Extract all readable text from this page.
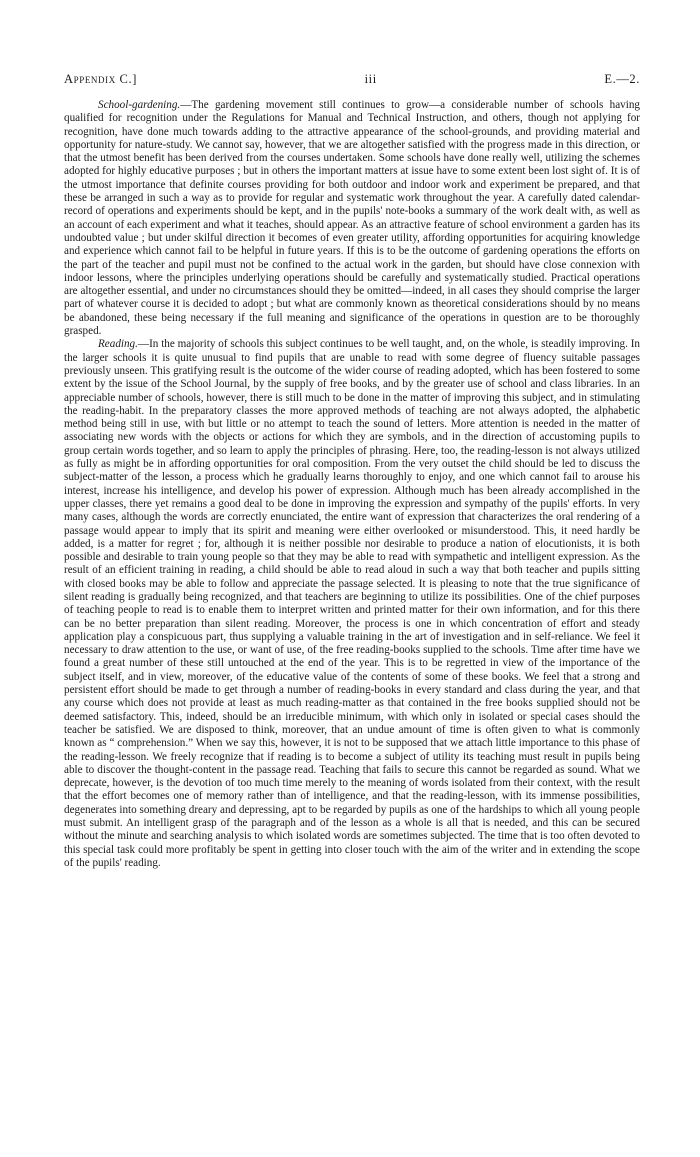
Appendix C.]	iii	E.—2.

School-gardening.—The gardening movement still continues to grow—a considerable number of schools having qualified for recognition under the Regulations for Manual and Technical Instruction, and others, though not applying for recognition, have done much towards adding to the attractive appearance of the school-grounds, and providing material and opportunity for nature-study. We cannot say, however, that we are altogether satisfied with the progress made in this direction, or that the utmost benefit has been derived from the courses undertaken. Some schools have done really well, utilizing the schemes adopted for highly educative purposes ; but in others the important matters at issue have to some extent been lost sight of. It is of the utmost importance that definite courses providing for both outdoor and indoor work and experiment be prepared, and that these be arranged in such a way as to provide for regular and systematic work throughout the year. A carefully dated calendar-record of operations and experiments should be kept, and in the pupils' note-books a summary of the work dealt with, as well as an account of each experiment and what it teaches, should appear. As an attractive feature of school environment a garden has its undoubted value ; but under skilful direction it becomes of even greater utility, affording opportunities for acquiring knowledge and experience which cannot fail to be helpful in future years. If this is to be the outcome of gardening operations the efforts on the part of the teacher and pupil must not be confined to the actual work in the garden, but should have close connexion with indoor lessons, where the principles underlying operations should be carefully and systematically studied. Practical operations are altogether essential, and under no circumstances should they be omitted—indeed, in all cases they should comprise the larger part of whatever course it is decided to adopt ; but what are commonly known as theoretical considerations should by no means be abandoned, these being necessary if the full meaning and significance of the operations in question are to be thoroughly grasped.

Reading.—In the majority of schools this subject continues to be well taught, and, on the whole, is steadily improving. In the larger schools it is quite unusual to find pupils that are unable to read with some degree of fluency suitable passages previously unseen. This gratifying result is the outcome of the wider course of reading adopted, which has been fostered to some extent by the issue of the School Journal, by the supply of free books, and by the greater use of school and class libraries. In an appreciable number of schools, however, there is still much to be done in the matter of improving this subject, and in stimulating the reading-habit. In the preparatory classes the more approved methods of teaching are not always adopted, the alphabetic method being still in use, with but little or no attempt to teach the sound of letters. More attention is needed in the matter of associating new words with the objects or actions for which they are symbols, and in the direction of accustoming pupils to group certain words together, and so learn to apply the principles of phrasing. Here, too, the reading-lesson is not always utilized as fully as might be in affording opportunities for oral composition. From the very outset the child should be led to discuss the subject-matter of the lesson, a process which he gradually learns thoroughly to enjoy, and one which cannot fail to arouse his interest, increase his intelligence, and develop his power of expression. Although much has been already accomplished in the upper classes, there yet remains a good deal to be done in improving the expression and sympathy of the pupils' efforts. In very many cases, although the words are correctly enunciated, the entire want of expression that characterizes the oral rendering of a passage would appear to imply that its spirit and meaning were either overlooked or misunderstood. This, it need hardly be added, is a matter for regret ; for, although it is neither possible nor desirable to produce a nation of elocutionists, it is both possible and desirable to train young people so that they may be able to read with sympathetic and intelligent expression. As the result of an efficient training in reading, a child should be able to read aloud in such a way that both teacher and pupils sitting with closed books may be able to follow and appreciate the passage selected. It is pleasing to note that the true significance of silent reading is gradually being recognized, and that teachers are beginning to utilize its possibilities. One of the chief purposes of teaching people to read is to enable them to interpret written and printed matter for their own information, and for this there can be no better preparation than silent reading. Moreover, the process is one in which concentration of effort and steady application play a conspicuous part, thus supplying a valuable training in the art of investigation and in self-reliance. We feel it necessary to draw attention to the use, or want of use, of the free reading-books supplied to the schools. Time after time have we found a great number of these still untouched at the end of the year. This is to be regretted in view of the importance of the subject itself, and in view, moreover, of the educative value of the contents of some of these books. We feel that a strong and persistent effort should be made to get through a number of reading-books in every standard and class during the year, and that any course which does not provide at least as much reading-matter as that contained in the free books supplied should not be deemed satisfactory. This, indeed, should be an irreducible minimum, with which only in isolated or special cases should the teacher be satisfied. We are disposed to think, moreover, that an undue amount of time is often given to what is commonly known as “ comprehension.” When we say this, however, it is not to be supposed that we attach little importance to this phase of the reading-lesson. We freely recognize that if reading is to become a subject of utility its teaching must result in pupils being able to discover the thought-content in the passage read. Teaching that fails to secure this cannot be regarded as sound. What we deprecate, however, is the devotion of too much time merely to the meaning of words isolated from their context, with the result that the effort becomes one of memory rather than of intelligence, and that the reading-lesson, with its immense possibilities, degenerates into something dreary and depressing, apt to be regarded by pupils as one of the hardships to which all young people must submit. An intelligent grasp of the paragraph and of the lesson as a whole is all that is needed, and this can be secured without the minute and searching analysis to which isolated words are sometimes subjected. The time that is too often devoted to this special task could more profitably be spent in getting into closer touch with the aim of the writer and in extending the scope of the pupils' reading.
